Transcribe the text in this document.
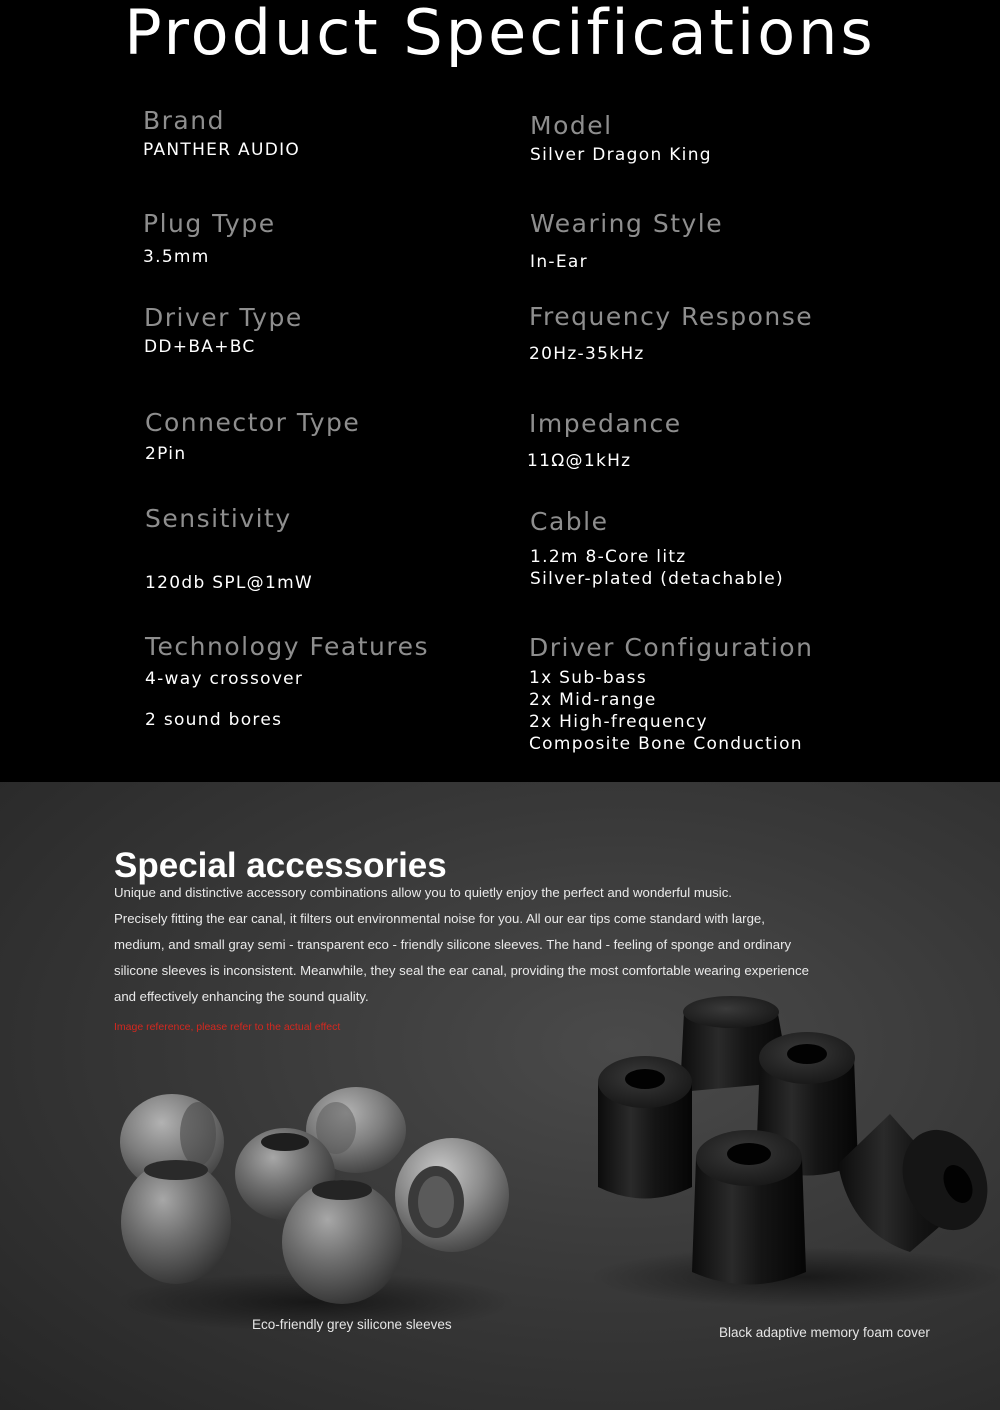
Product Specifications
Brand
PANTHER AUDIO
Model
Silver Dragon King
Plug Type
3.5mm
Wearing Style
In-Ear
Driver Type
DD+BA+BC
Frequency Response
20Hz-35kHz
Connector Type
2Pin
Impedance
11Ω@1kHz
Sensitivity
120db SPL@1mW
Cable
1.2m 8-Core litz
Silver-plated (detachable)
Technology Features
4-way crossover
2 sound bores
Driver Configuration
1x Sub-bass
2x Mid-range
2x High-frequency
Composite Bone Conduction
Special accessories
Unique and distinctive accessory combinations allow you to quietly enjoy the perfect and wonderful music.
Precisely fitting the ear canal, it filters out environmental noise for you. All our ear tips come standard with large,
medium, and small gray semi - transparent eco - friendly silicone sleeves. The hand - feeling of sponge and ordinary
silicone sleeves is inconsistent. Meanwhile, they seal the ear canal, providing the most comfortable wearing experience
and effectively enhancing the sound quality.
Image reference, please refer to the actual effect
Eco-friendly grey silicone sleeves
Black adaptive memory foam cover
